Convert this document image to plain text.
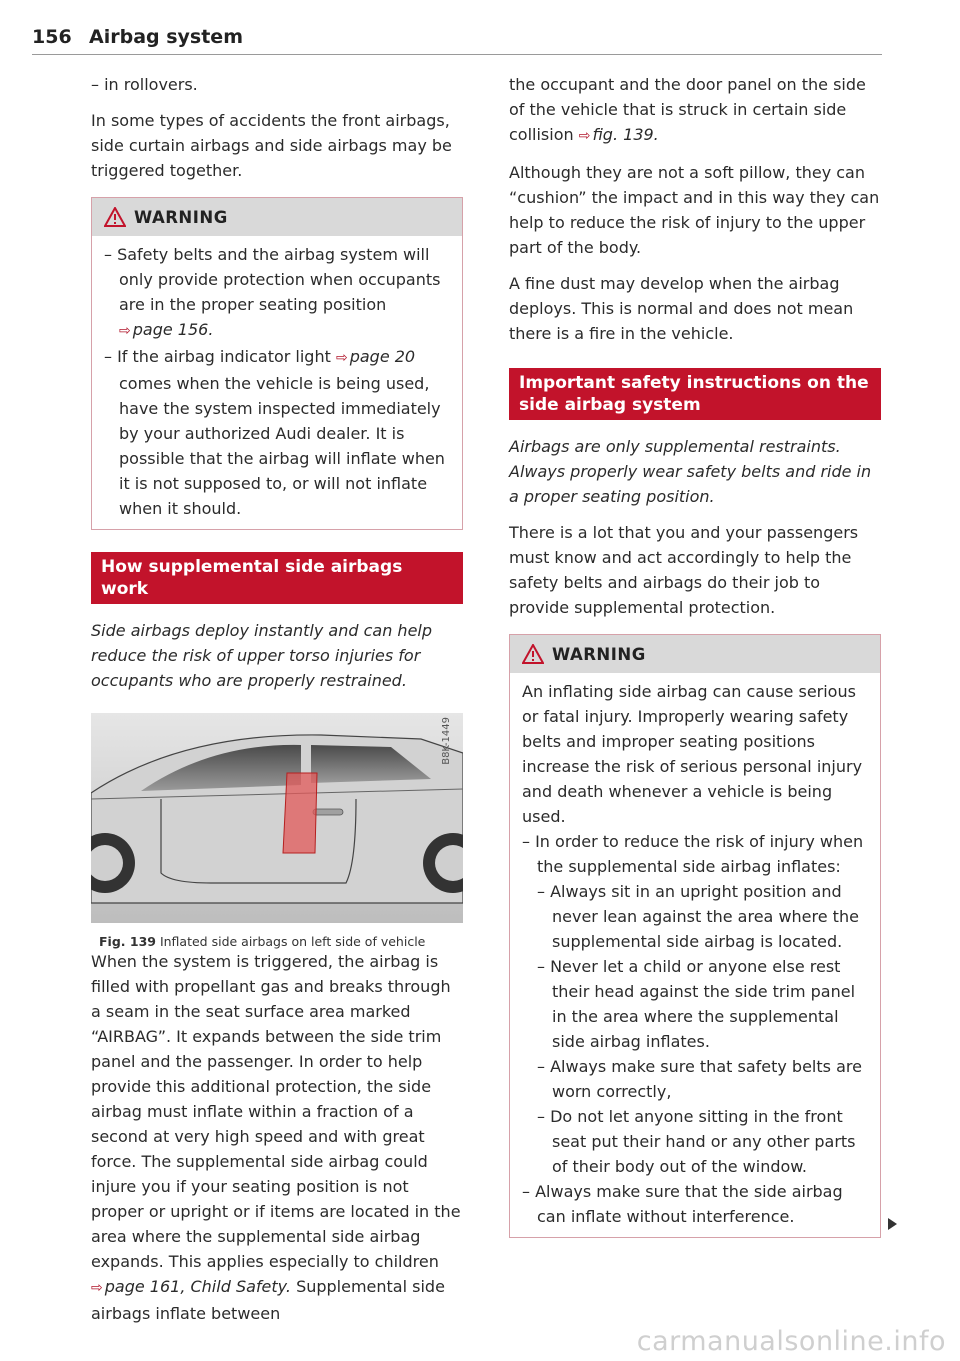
156 Airbag system

– in rollovers.

In some types of accidents the front airbags, side curtain airbags and side airbags may be triggered together.

WARNING

– Safety belts and the airbag system will only provide protection when occupants are in the proper seating position
⇨ page 156.

– If the airbag indicator light ⇨ page 20 comes when the vehicle is being used, have the system inspected immediately by your authorized Audi dealer. It is possible that the airbag will inflate when it is not supposed to, or will not inflate when it should.

How supplemental side airbags work

Side airbags deploy instantly and can help reduce the risk of upper torso injuries for occupants who are properly restrained.

B8K-1449
Fig. 139 Inflated side airbags on left side of vehicle

When the system is triggered, the airbag is filled with propellant gas and breaks through a seam in the seat surface area marked “AIRBAG”. It expands between the side trim panel and the passenger. In order to help provide this additional protection, the side airbag must inflate within a fraction of a second at very high speed and with great force. The supplemental side airbag could injure you if your seating position is not proper or upright or if items are located in the area where the supplemental side airbag expands. This applies especially to children ⇨ page 161, Child Safety. Supplemental side airbags inflate between

the occupant and the door panel on the side of the vehicle that is struck in certain side collision ⇨ fig. 139.

Although they are not a soft pillow, they can “cushion” the impact and in this way they can help to reduce the risk of injury to the upper part of the body.

A fine dust may develop when the airbag deploys. This is normal and does not mean there is a fire in the vehicle.

Important safety instructions on the side airbag system

Airbags are only supplemental restraints. Always properly wear safety belts and ride in a proper seating position.

There is a lot that you and your passengers must know and act accordingly to help the safety belts and airbags do their job to provide supplemental protection.

WARNING

An inflating side airbag can cause serious or fatal injury. Improperly wearing safety belts and improper seating positions increase the risk of serious personal injury and death whenever a vehicle is being used.

– In order to reduce the risk of injury when the supplemental side airbag inflates:

– Always sit in an upright position and never lean against the area where the supplemental side airbag is located.

– Never let a child or anyone else rest their head against the side trim panel in the area where the supplemental side airbag inflates.

– Always make sure that safety belts are worn correctly,

– Do not let anyone sitting in the front seat put their hand or any other parts of their body out of the window.

– Always make sure that the side airbag can inflate without interference.

carmanualsonline.info
